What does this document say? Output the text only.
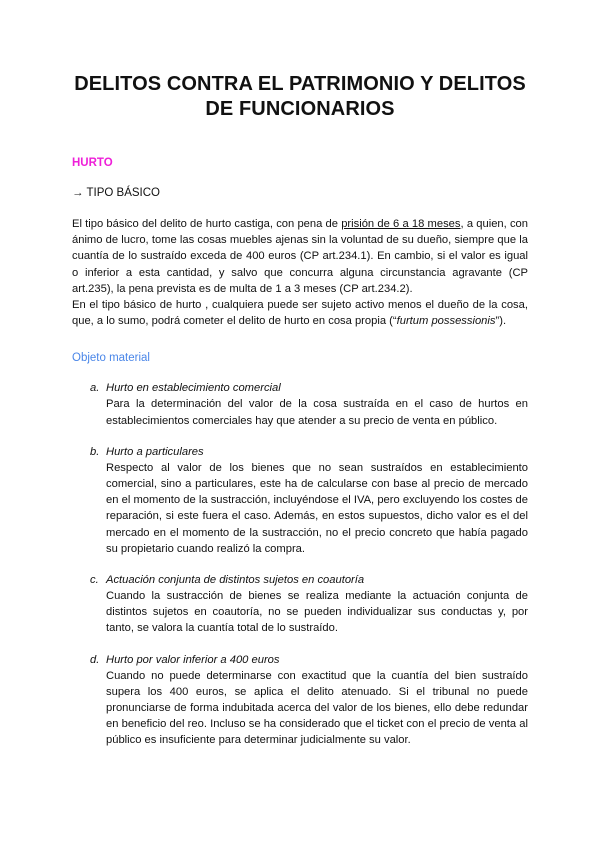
DELITOS CONTRA EL PATRIMONIO Y DELITOS DE FUNCIONARIOS
HURTO
→ TIPO BÁSICO

El tipo básico del delito de hurto castiga, con pena de prisión de 6 a 18 meses, a quien, con ánimo de lucro, tome las cosas muebles ajenas sin la voluntad de su dueño, siempre que la cuantía de lo sustraído exceda de 400 euros (CP art.234.1). En cambio, si el valor es igual o inferior a esta cantidad, y salvo que concurra alguna circunstancia agravante (CP art.235), la pena prevista es de multa de 1 a 3 meses (CP art.234.2).

En el tipo básico de hurto , cualquiera puede ser sujeto activo menos el dueño de la cosa, que, a lo sumo, podrá cometer el delito de hurto en cosa propia (“furtum possessionis”).

Objeto material
a. Hurto en establecimiento comercial

Para la determinación del valor de la cosa sustraída en el caso de hurtos en establecimientos comerciales hay que atender a su precio de venta en público.

b. Hurto a particulares

Respecto al valor de los bienes que no sean sustraídos en establecimiento comercial, sino a particulares, este ha de calcularse con base al precio de mercado en el momento de la sustracción, incluyéndose el IVA, pero excluyendo los costes de reparación, si este fuera el caso. Además, en estos supuestos, dicho valor es el del mercado en el momento de la sustracción, no el precio concreto que había pagado su propietario cuando realizó la compra.

c. Actuación conjunta de distintos sujetos en coautoría

Cuando la sustracción de bienes se realiza mediante la actuación conjunta de distintos sujetos en coautoría, no se pueden individualizar sus conductas y, por tanto, se valora la cuantía total de lo sustraído.

d. Hurto por valor inferior a 400 euros

Cuando no puede determinarse con exactitud que la cuantía del bien sustraído supera los 400 euros, se aplica el delito atenuado. Si el tribunal no puede pronunciarse de forma indubitada acerca del valor de los bienes, ello debe redundar en beneficio del reo. Incluso se ha considerado que el ticket con el precio de venta al público es insuficiente para determinar judicialmente su valor.
